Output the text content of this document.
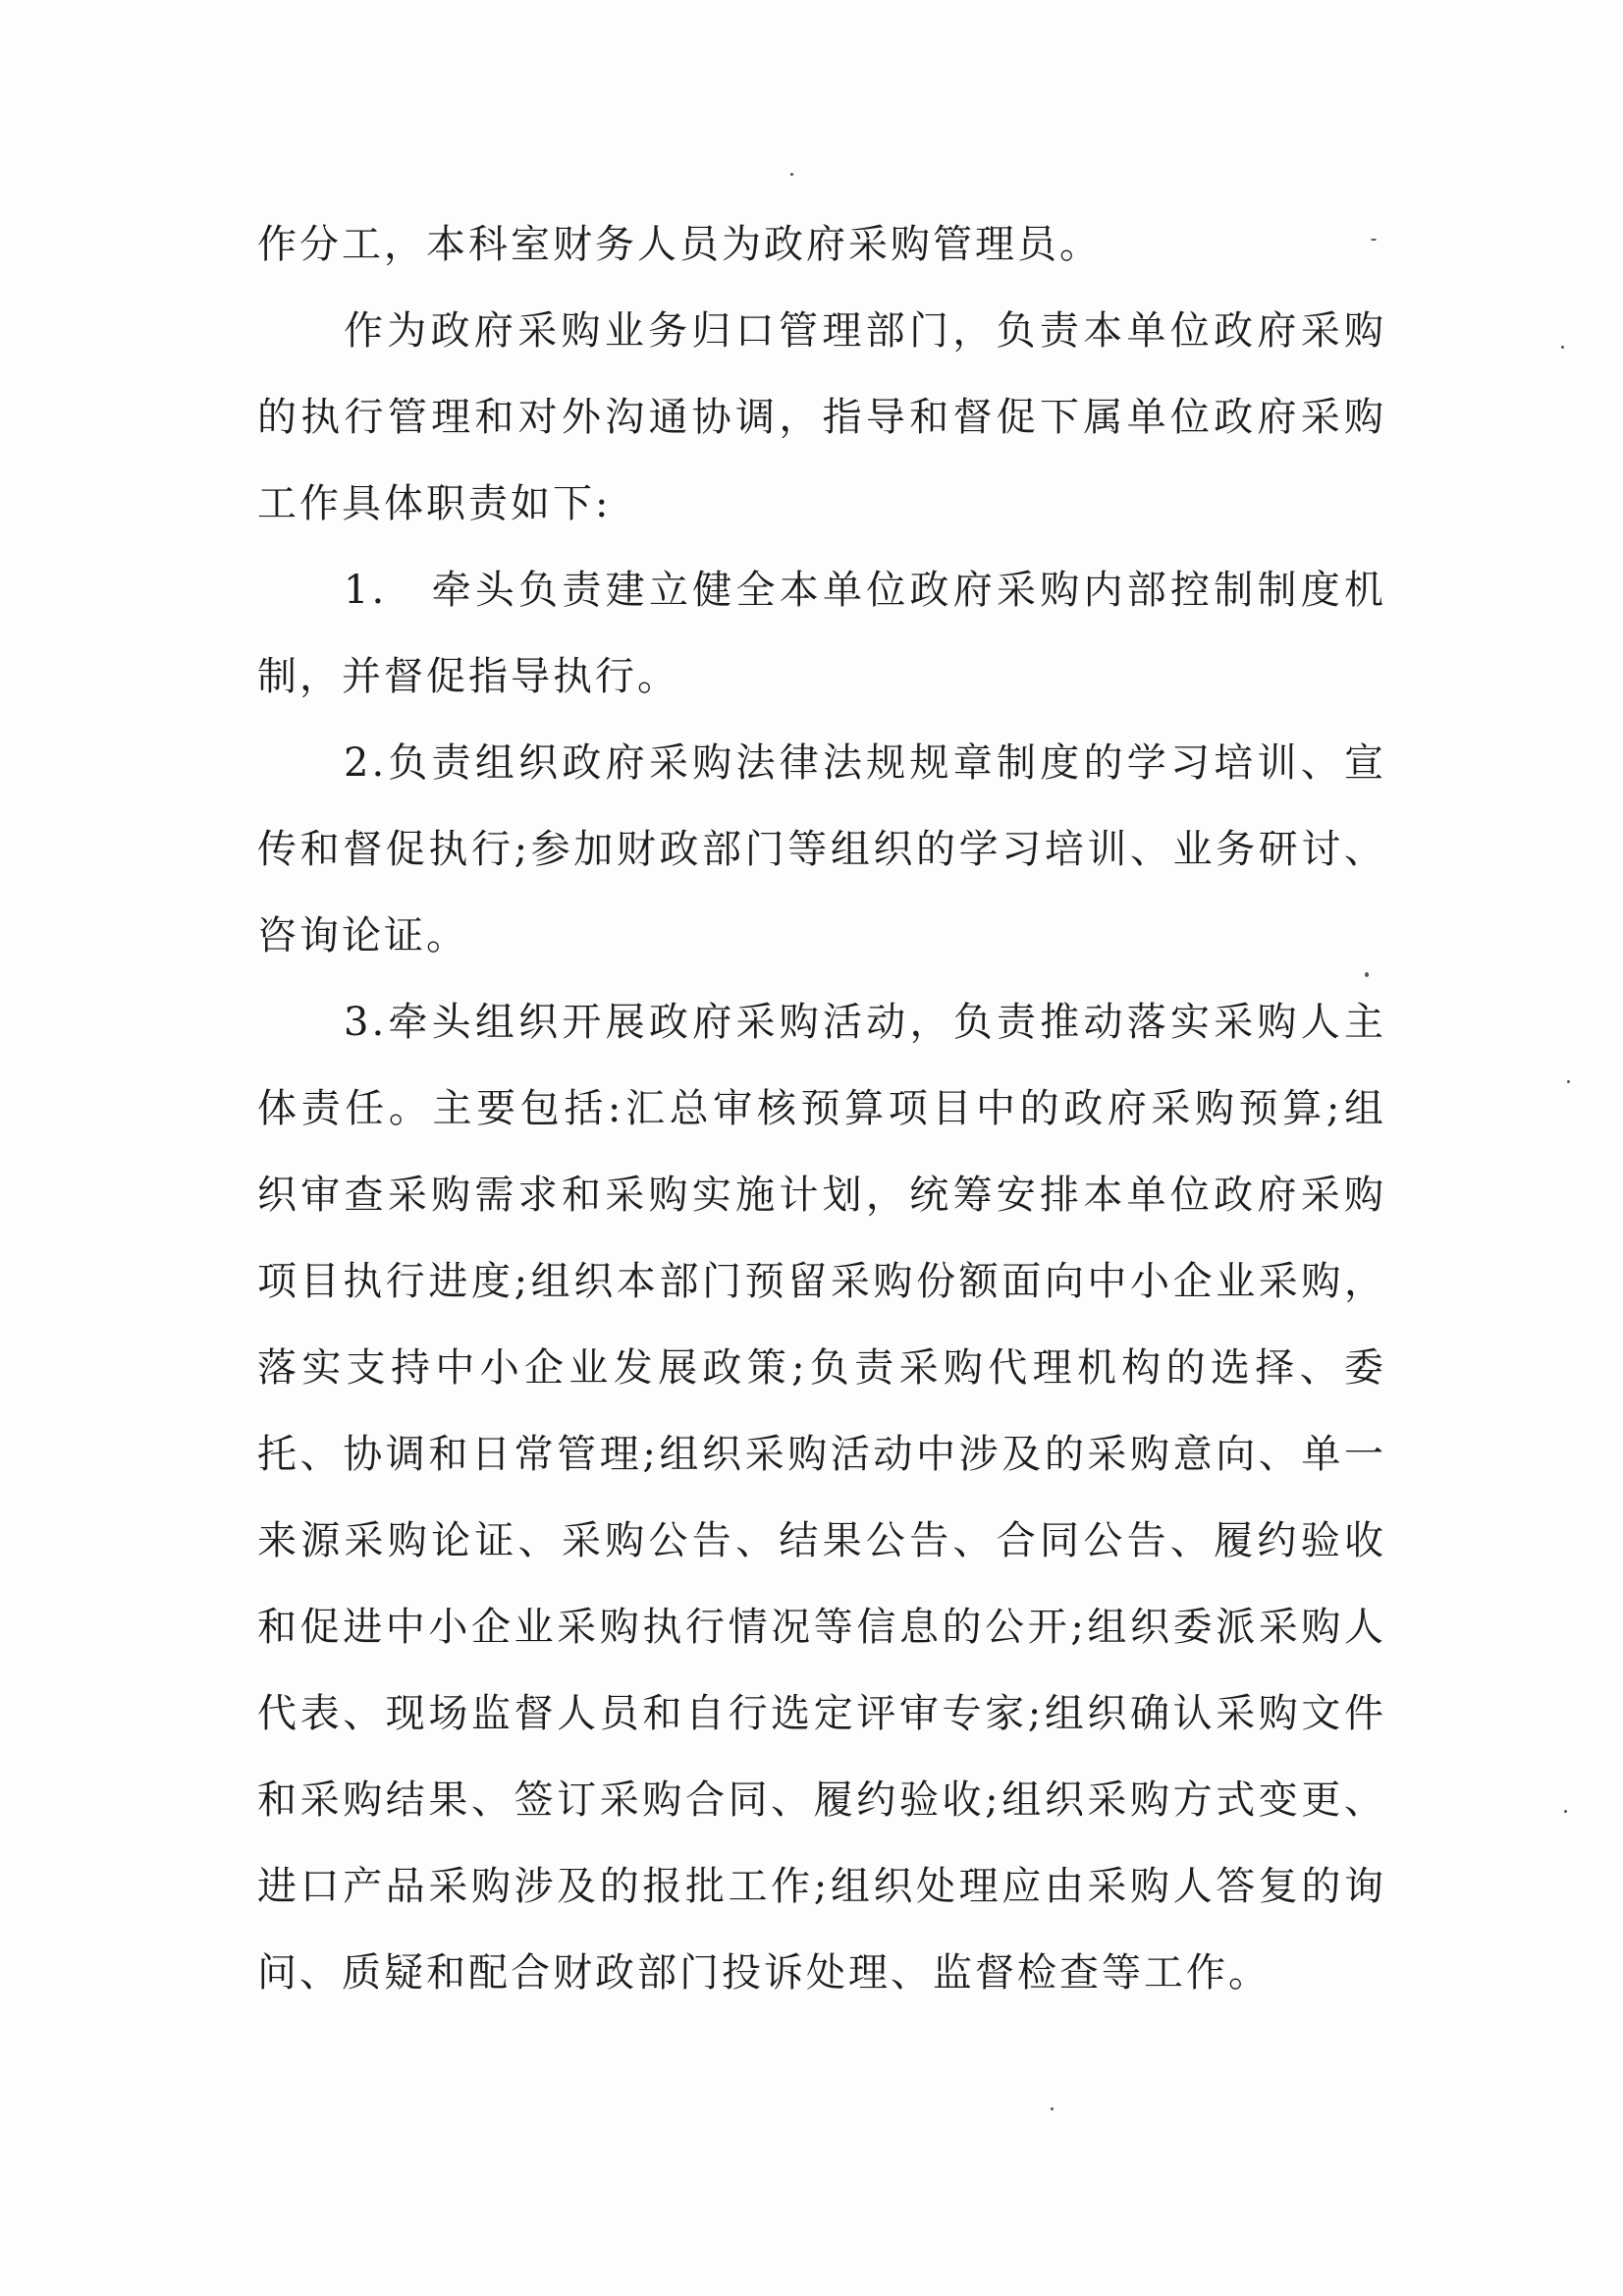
作分工，本科室财务人员为政府采购管理员。

作为政府采购业务归口管理部门，负责本单位政府采购的执行管理和对外沟通协调，指导和督促下属单位政府采购工作具体职责如下:

1.　牵头负责建立健全本单位政府采购内部控制制度机制，并督促指导执行。

2.负责组织政府采购法律法规规章制度的学习培训、宣传和督促执行;参加财政部门等组织的学习培训、业务研讨、咨询论证。

3.牵头组织开展政府采购活动，负责推动落实采购人主体责任。主要包括:汇总审核预算项目中的政府采购预算;组织审查采购需求和采购实施计划，统筹安排本单位政府采购项目执行进度;组织本部门预留采购份额面向中小企业采购，落实支持中小企业发展政策;负责采购代理机构的选择、委托、协调和日常管理;组织采购活动中涉及的采购意向、单一来源采购论证、采购公告、结果公告、合同公告、履约验收和促进中小企业采购执行情况等信息的公开;组织委派采购人代表、现场监督人员和自行选定评审专家;组织确认采购文件和采购结果、签订采购合同、履约验收;组织采购方式变更、进口产品采购涉及的报批工作;组织处理应由采购人答复的询问、质疑和配合财政部门投诉处理、监督检查等工作。
